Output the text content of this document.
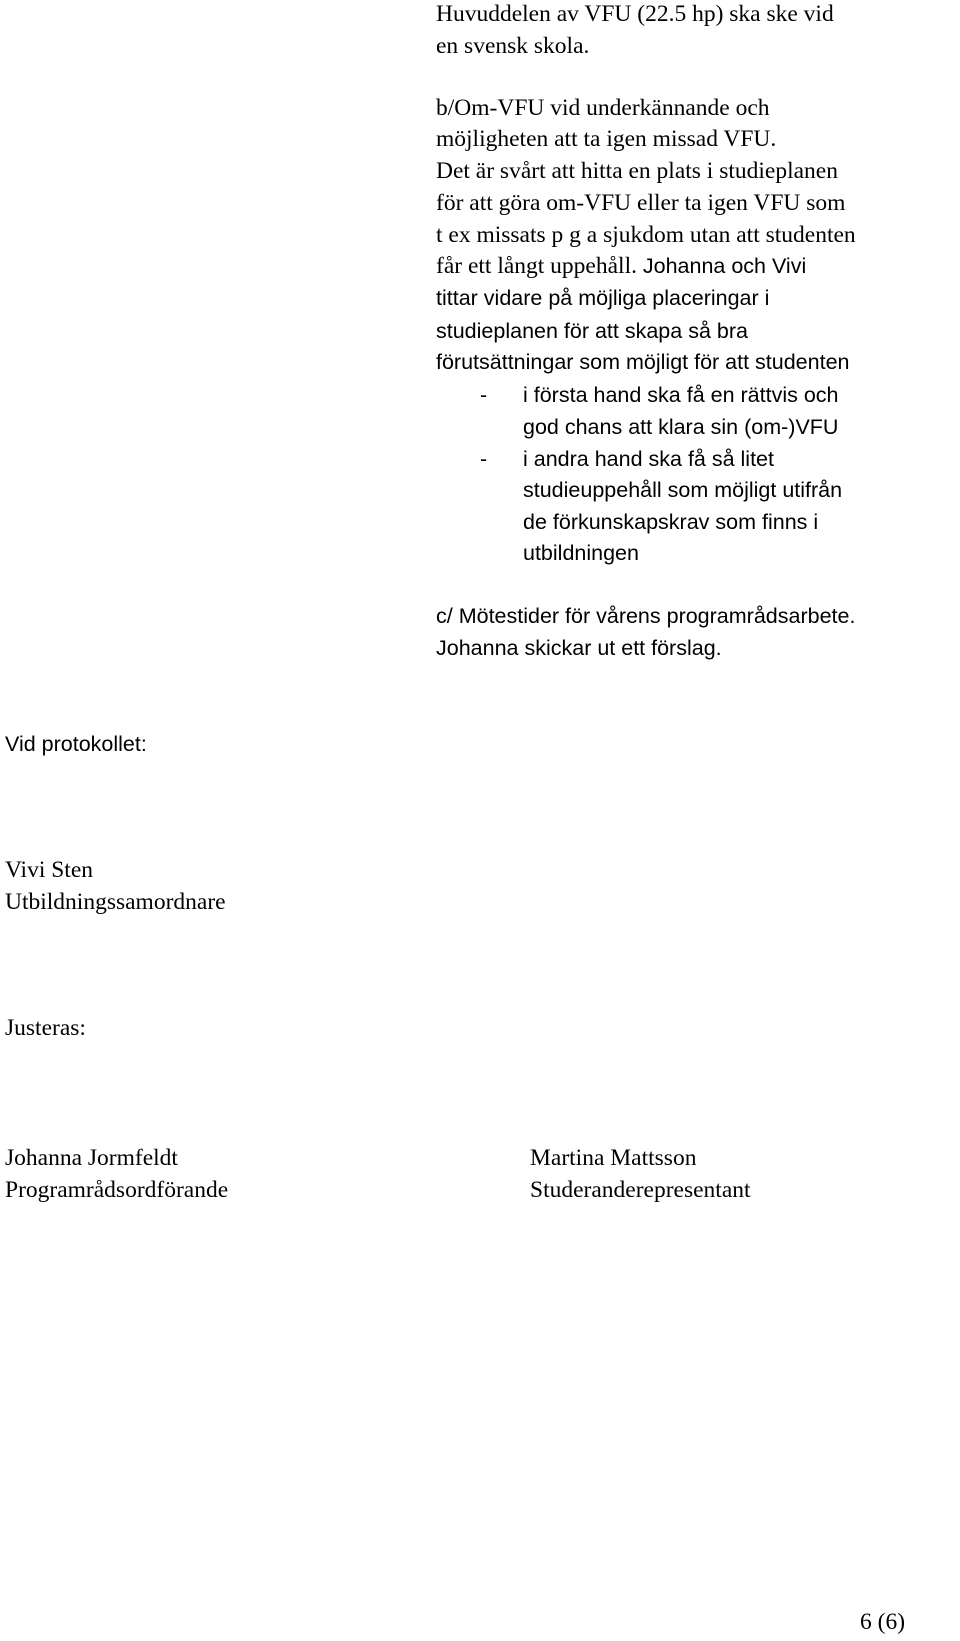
Huvuddelen av VFU (22.5 hp) ska ske vid
en svensk skola.
b/Om-VFU vid underkännande och
möjligheten att ta igen missad VFU.
Det är svårt att hitta en plats i studieplanen
för att göra om-VFU eller ta igen VFU som
t ex missats p g a sjukdom utan att studenten
får ett långt uppehåll. Johanna och Vivi
tittar vidare på möjliga placeringar i
studieplanen för att skapa så bra
förutsättningar som möjligt för att studenten
- i första hand ska få en rättvis och
god chans att klara sin (om-)VFU
- i andra hand ska få så litet
studieuppehåll som möjligt utifrån
de förkunskapskrav som finns i
utbildningen
c/ Mötestider för vårens programrådsarbete.
Johanna skickar ut ett förslag.
Vid protokollet:
Vivi Sten
Utbildningssamordnare
Justeras:
Johanna Jormfeldt
Programrådsordförande
Martina Mattsson
Studeranderepresentant
6 (6)
